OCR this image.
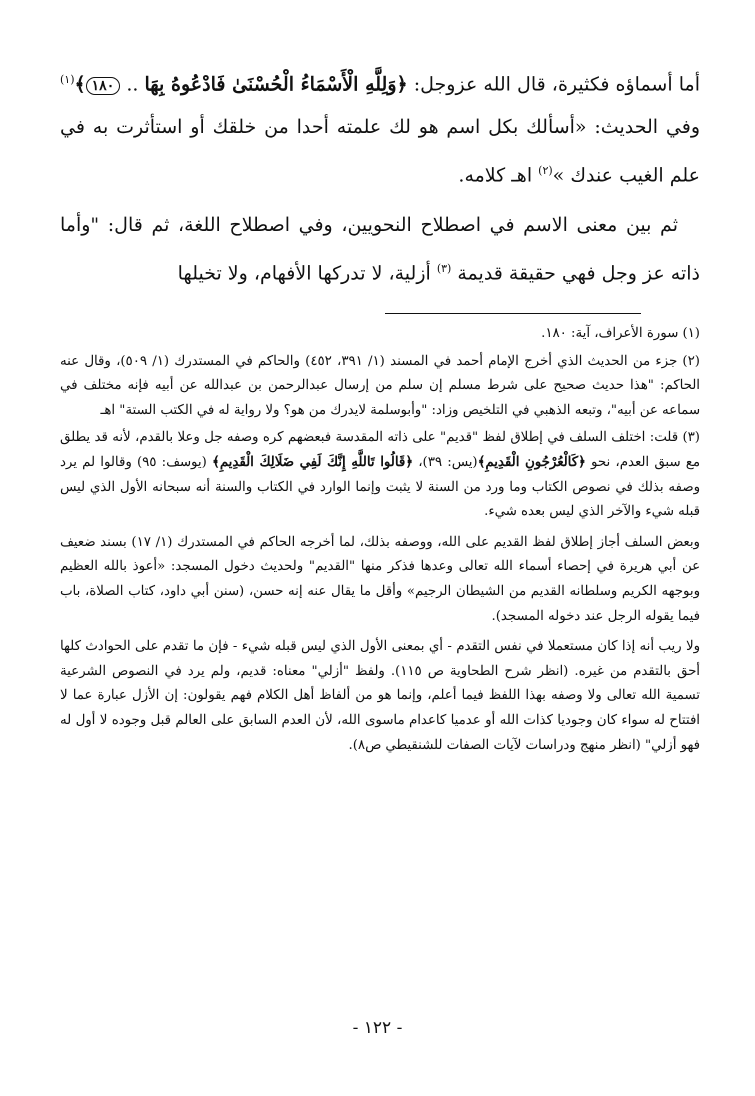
أما أسماؤه فكثيرة، قال الله عزوجل: ﴿وَلِلَّهِ الْأَسْمَاءُ الْحُسْنَىٰ فَادْعُوهُ بِهَا .. ١٨٠﴾$^{(١)}$ وفي الحديث: «أسألك بكل اسم هو لك علمته أحدا من خلقك أو استأثرت به في علم الغيب عندك »$^{(٢)}$ اهـ كلامه.

ثم بين معنى الاسم في اصطلاح النحويين، وفي اصطلاح اللغة، ثم قال: "وأما ذاته عز وجل فهي حقيقة قديمة $^{(٣)}$ أزلية، لا تدركها الأفهام، ولا تخيلها

(١) سورة الأعراف، آية: ١٨٠.

(٢) جزء من الحديث الذي أخرج الإمام أحمد في المسند (١/ ٣٩١، ٤٥٢) والحاكم في المستدرك (١/ ٥٠٩)، وقال عنه الحاكم: "هذا حديث صحيح على شرط مسلم إن سلم من إرسال عبدالرحمن بن عبدالله عن أبيه فإنه مختلف في سماعه عن أبيه"، وتبعه الذهبي في التلخيص وزاد: "وأبوسلمة لايدرك من هو؟ ولا رواية له في الكتب الستة" اهـ

(٣) قلت: اختلف السلف في إطلاق لفظ "قديم" على ذاته المقدسة فبعضهم كره وصفه جل وعلا بالقدم، لأنه قد يطلق مع سبق العدم، نحو ﴿كَالْعُرْجُونِ الْقَدِيمِ﴾(يس: ٣٩)، ﴿قَالُوا تَاللَّهِ إِنَّكَ لَفِي ضَلَالِكَ الْقَدِيمِ﴾ (يوسف: ٩٥) وقالوا لم يرد وصفه بذلك في نصوص الكتاب وما ورد من السنة لا يثبت وإنما الوارد في الكتاب والسنة أنه سبحانه الأول الذي ليس قبله شيء والآخر الذي ليس بعده شيء.

وبعض السلف أجاز إطلاق لفظ القديم على الله، ووصفه بذلك، لما أخرجه الحاكم في المستدرك (١/ ١٧) بسند ضعيف عن أبي هريرة في إحصاء أسماء الله تعالى وعدها فذكر منها "القديم" ولحديث دخول المسجد: «أعوذ بالله العظيم وبوجهه الكريم وسلطانه القديم من الشيطان الرجيم» وأقل ما يقال عنه إنه حسن، (سنن أبي داود، كتاب الصلاة، باب فيما يقوله الرجل عند دخوله المسجد).

ولا ريب أنه إذا كان مستعملا في نفس التقدم - أي بمعنى الأول الذي ليس قبله شيء - فإن ما تقدم على الحوادث كلها أحق بالتقدم من غيره. (انظر شرح الطحاوية ص ١١٥). ولفظ "أزلي" معناه: قديم، ولم يرد في النصوص الشرعية تسمية الله تعالى ولا وصفه بهذا اللفظ فيما أعلم، وإنما هو من ألفاظ أهل الكلام فهم يقولون: إن الأزل عبارة عما لا افتتاح له سواء كان وجوديا كذات الله أو عدميا كاعدام ماسوى الله، لأن العدم السابق على العالم قبل وجوده لا أول له فهو أزلي" (انظر منهج ودراسات لآيات الصفات للشنقيطي ص٨).

- ١٢٢ -
